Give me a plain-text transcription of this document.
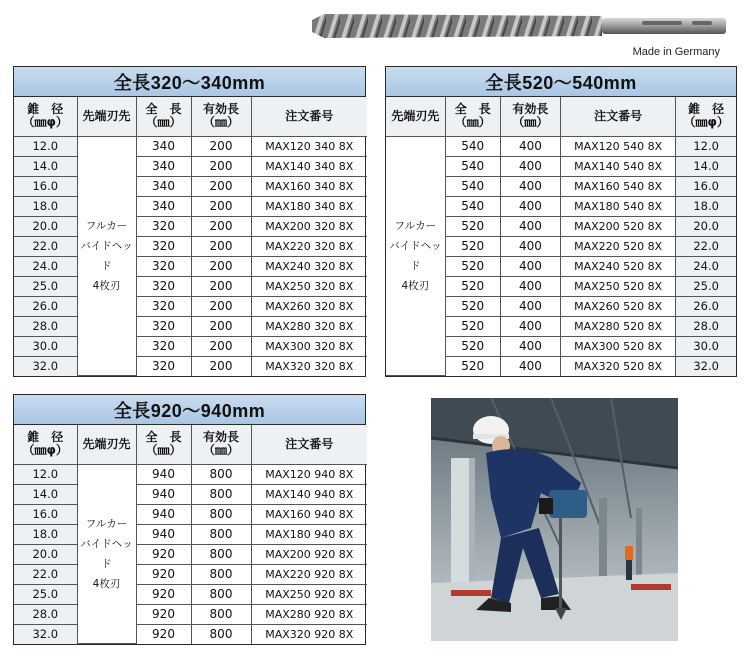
Made in Germany
全長320～340mm
錐　径
（㎜φ）	先端刃先	全　長
（㎜）	有効長
（㎜）	注文番号
12.0	フルカー
バイドヘッド
4枚刃	340	200	MAX120 340 8X
14.0		340	200	MAX140 340 8X
16.0		340	200	MAX160 340 8X
18.0		340	200	MAX180 340 8X
20.0		320	200	MAX200 320 8X
22.0		320	200	MAX220 320 8X
24.0		320	200	MAX240 320 8X
25.0		320	200	MAX250 320 8X
26.0		320	200	MAX260 320 8X
28.0		320	200	MAX280 320 8X
30.0		320	200	MAX300 320 8X
32.0		320	200	MAX320 320 8X
全長520～540mm
先端刃先	全　長
（㎜）	有効長
（㎜）	注文番号	錐　径
（㎜φ）

フルカー
バイドヘッド
4枚刃	540	400	MAX120 540 8X	12.0
	540	400	MAX140 540 8X	14.0
	540	400	MAX160 540 8X	16.0
	540	400	MAX180 540 8X	18.0
	520	400	MAX200 520 8X	20.0
	520	400	MAX220 520 8X	22.0
	520	400	MAX240 520 8X	24.0
	520	400	MAX250 520 8X	25.0
	520	400	MAX260 520 8X	26.0
	520	400	MAX280 520 8X	28.0
	520	400	MAX300 520 8X	30.0
	520	400	MAX320 520 8X	32.0
全長920～940mm
錐　径
（㎜φ）	先端刃先	全　長
（㎜）	有効長
（㎜）	注文番号
12.0	フルカー
バイドヘッド
4枚刃	940	800	MAX120 940 8X
14.0		940	800	MAX140 940 8X
16.0		940	800	MAX160 940 8X
18.0		940	800	MAX180 940 8X
20.0		920	800	MAX200 920 8X
22.0		920	800	MAX220 920 8X
25.0		920	800	MAX250 920 8X
28.0		920	800	MAX280 920 8X
32.0		920	800	MAX320 920 8X
